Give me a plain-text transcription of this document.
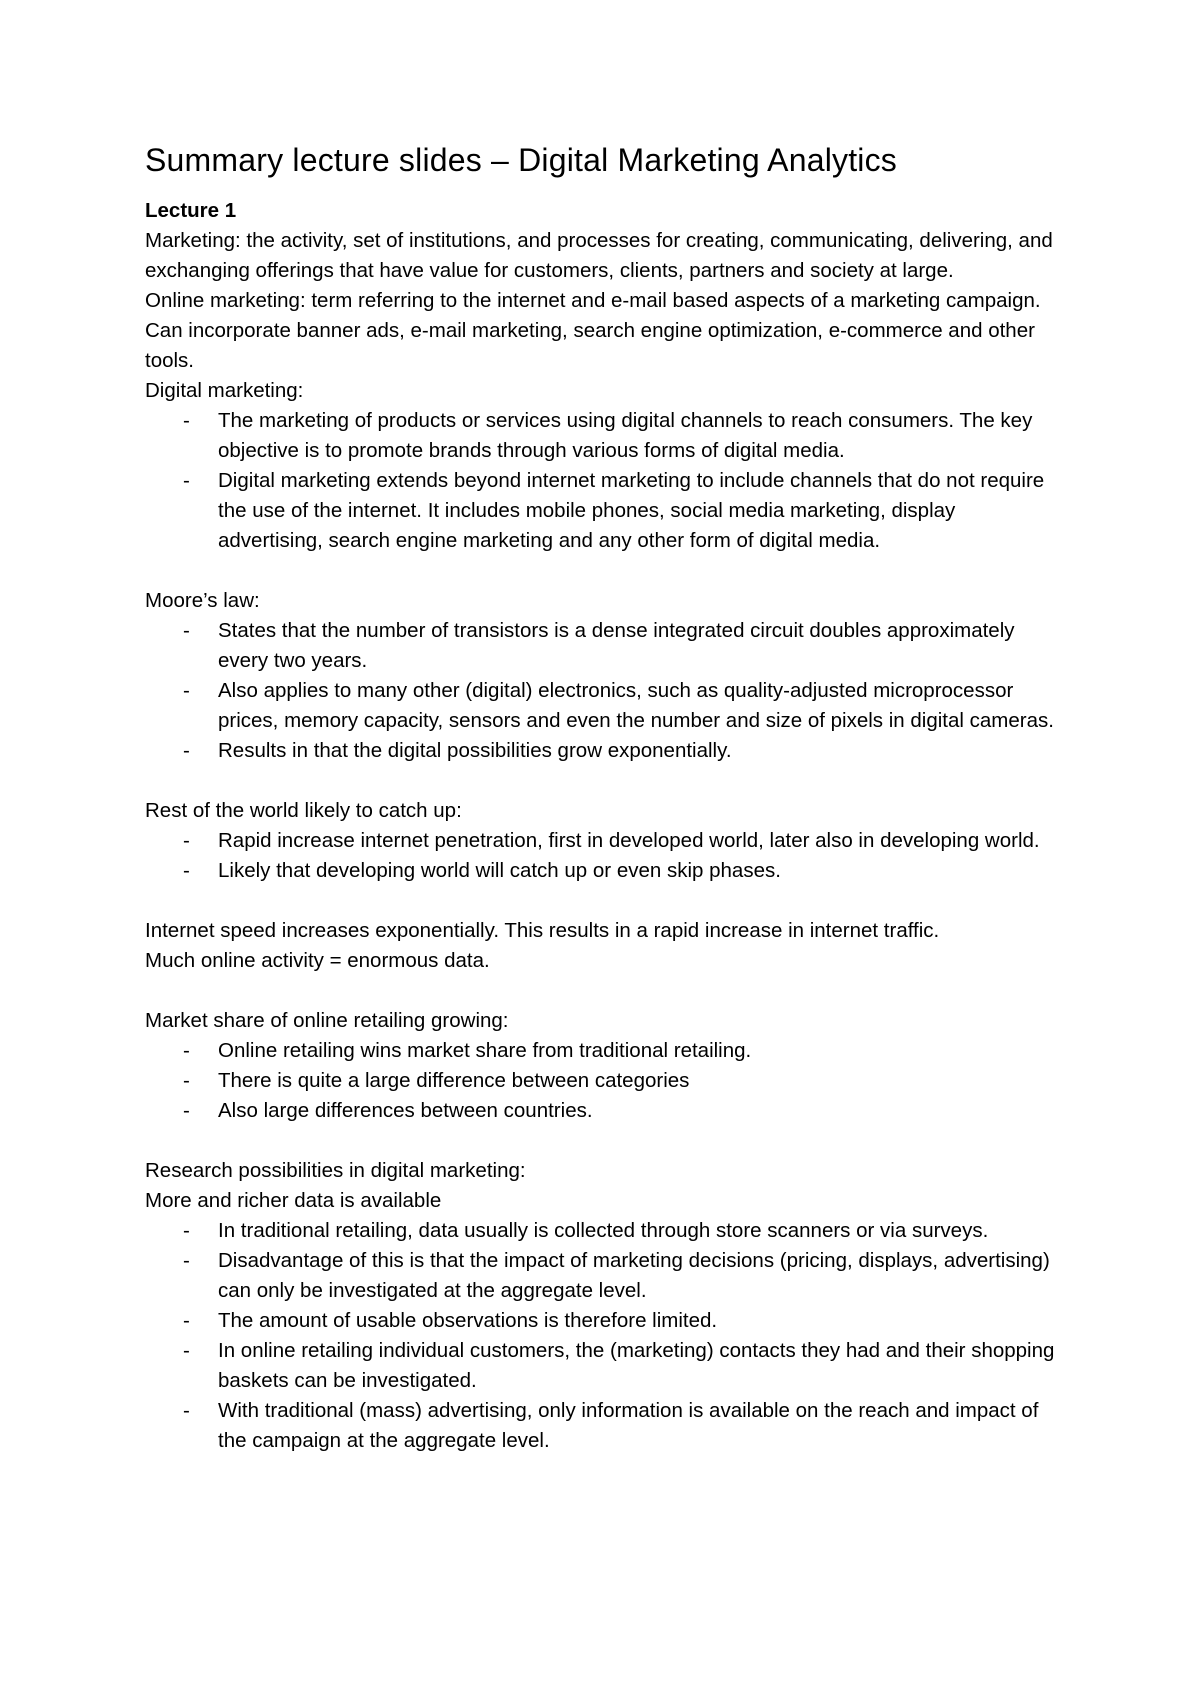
Summary lecture slides – Digital Marketing Analytics

Lecture 1

Marketing: the activity, set of institutions, and processes for creating, communicating, delivering, and exchanging offerings that have value for customers, clients, partners and society at large.

Online marketing: term referring to the internet and e-mail based aspects of a marketing campaign. Can incorporate banner ads, e-mail marketing, search engine optimization, e-commerce and other tools.

Digital marketing:

- The marketing of products or services using digital channels to reach consumers. The key objective is to promote brands through various forms of digital media.
- Digital marketing extends beyond internet marketing to include channels that do not require the use of the internet. It includes mobile phones, social media marketing, display advertising, search engine marketing and any other form of digital media.

Moore’s law:

- States that the number of transistors is a dense integrated circuit doubles approximately every two years.
- Also applies to many other (digital) electronics, such as quality-adjusted microprocessor prices, memory capacity, sensors and even the number and size of pixels in digital cameras.
- Results in that the digital possibilities grow exponentially.

Rest of the world likely to catch up:

- Rapid increase internet penetration, first in developed world, later also in developing world.
- Likely that developing world will catch up or even skip phases.

Internet speed increases exponentially. This results in a rapid increase in internet traffic.

Much online activity = enormous data.

Market share of online retailing growing:

- Online retailing wins market share from traditional retailing.
- There is quite a large difference between categories
- Also large differences between countries.

Research possibilities in digital marketing:

More and richer data is available

- In traditional retailing, data usually is collected through store scanners or via surveys.
- Disadvantage of this is that the impact of marketing decisions (pricing, displays, advertising) can only be investigated at the aggregate level.
- The amount of usable observations is therefore limited.
- In online retailing individual customers, the (marketing) contacts they had and their shopping baskets can be investigated.
- With traditional (mass) advertising, only information is available on the reach and impact of the campaign at the aggregate level.
